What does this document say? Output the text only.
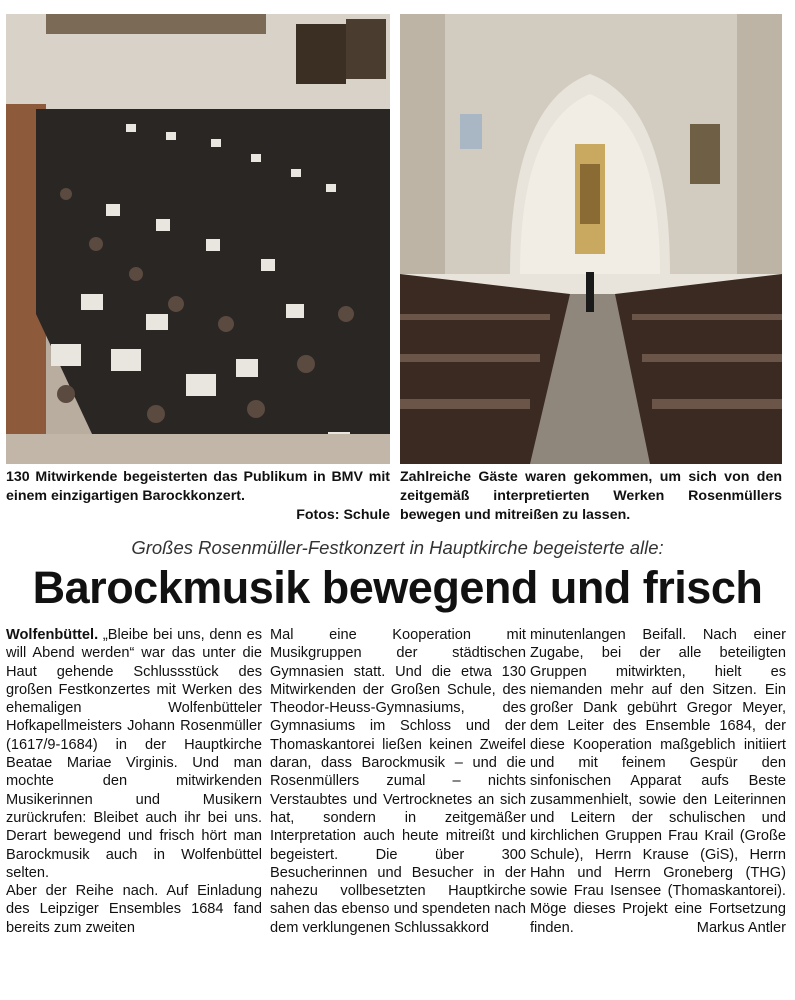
130 Mitwirkende begeisterten das Publikum in BMV mit einem einzigartigen Barockkonzert.
Fotos: Schule
Zahlreiche Gäste waren gekommen, um sich von den zeitgemäß interpretierten Werken Rosenmüllers bewegen und mitreißen zu lassen.
Großes Rosenmüller-Festkonzert in Hauptkirche begeisterte alle:
Barockmusik bewegend und frisch

Wolfenbüttel. „Bleibe bei uns, denn es will Abend werden“ war das unter die Haut gehende Schlussstück des großen Festkonzertes mit Werken des ehemaligen Wolfenbütteler Hofkapellmeisters Johann Rosenmüller (1617/9-1684) in der Hauptkirche Beatae Mariae Virginis. Und man mochte den mitwirkenden Musikerinnen und Musikern zurückrufen: Bleibet auch ihr bei uns. Derart bewegend und frisch hört man Barockmusik auch in Wolfenbüttel selten.

Aber der Reihe nach. Auf Einladung des Leipziger Ensembles 1684 fand bereits zum zweiten

Mal eine Kooperation mit Musikgruppen der städtischen Gymnasien statt. Und die etwa 130 Mitwirkenden der Großen Schule, des Theodor-Heuss-Gymnasiums, des Gymnasiums im Schloss und der Thomaskantorei ließen keinen Zweifel daran, dass Barockmusik – und die Rosenmüllers zumal – nichts Verstaubtes und Vertrocknetes an sich hat, sondern in zeitgemäßer Interpretation auch heute mitreißt und begeistert. Die über 300 Besucherinnen und Besucher in der nahezu vollbesetzten Hauptkirche sahen das ebenso und spendeten nach dem verklungenen Schlussakkord

minutenlangen Beifall. Nach einer Zugabe, bei der alle beteiligten Gruppen mitwirkten, hielt es niemanden mehr auf den Sitzen. Ein großer Dank gebührt Gregor Meyer, dem Leiter des Ensemble 1684, der diese Kooperation maßgeblich initiiert und mit feinem Gespür den sinfonischen Apparat aufs Beste zusammenhielt, sowie den Leiterinnen und Leitern der schulischen und kirchlichen Gruppen Frau Krail (Große Schule), Herrn Krause (GiS), Herrn Hahn und Herrn Groneberg (THG) sowie Frau Isensee (Thomaskantorei). Möge dieses Projekt eine Fortsetzung finden.	Markus Antler
